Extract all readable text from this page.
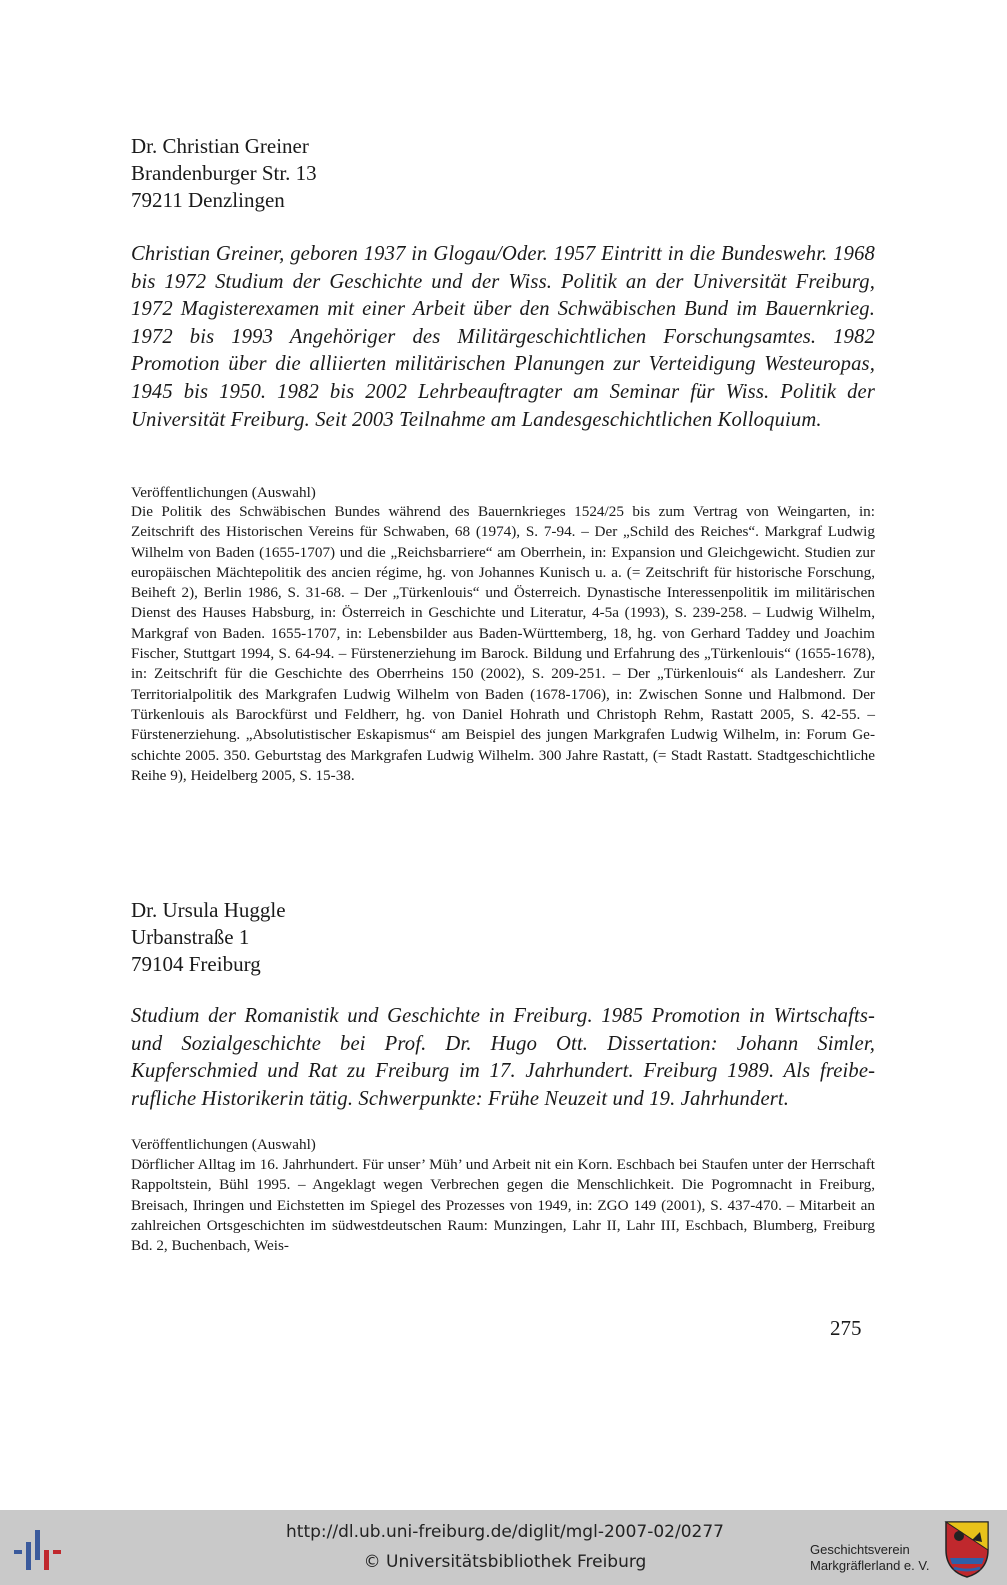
Dr. Christian Greiner
Brandenburger Str. 13
79211 Denzlingen
Christian Greiner, geboren 1937 in Glogau/Oder. 1957 Eintritt in die Bundeswehr. 1968 bis 1972 Studium der Geschichte und der Wiss. Politik an der Universität Freiburg, 1972 Magisterexamen mit einer Arbeit über den Schwäbischen Bund im Bauernkrieg. 1972 bis 1993 Angehöriger des Militärgeschichtlichen Forschungsamtes. 1982 Promotion über die alliierten militärischen Planungen zur Verteidigung Westeuropas, 1945 bis 1950. 1982 bis 2002 Lehrbeauftragter am Seminar für Wiss. Politik der Universität Freiburg. Seit 2003 Teilnahme am Landesgeschichtlichen Kolloquium.
Veröffentlichungen (Auswahl)
Die Politik des Schwäbischen Bundes während des Bauernkrieges 1524/25 bis zum Vertrag von Weingarten, in: Zeitschrift des Historischen Vereins für Schwaben, 68 (1974), S. 7-94. – Der „Schild des Reiches“. Markgraf Ludwig Wilhelm von Baden (1655-1707) und die „Reichsbarriere“ am Oberrhein, in: Expansion und Gleichgewicht. Studien zur europäischen Mächtepolitik des ancien régime, hg. von Johannes Kunisch u. a. (= Zeitschrift für historische Forschung, Beiheft 2), Berlin 1986, S. 31-68. – Der „Türkenlouis“ und Österreich. Dynastische Interessenpolitik im militärischen Dienst des Hauses Habsburg, in: Österreich in Geschichte und Literatur, 4-5a (1993), S. 239-258. – Ludwig Wilhelm, Markgraf von Baden. 1655-1707, in: Lebensbilder aus Baden-Württemberg, 18, hg. von Gerhard Taddey und Joachim Fischer, Stuttgart 1994, S. 64-94. – Fürstenerziehung im Barock. Bildung und Erfahrung des „Türkenlouis“ (1655-1678), in: Zeitschrift für die Geschichte des Oberrheins 150 (2002), S. 209-251. – Der „Türkenlouis“ als Landesherr. Zur Territorialpolitik des Markgrafen Ludwig Wilhelm von Baden (1678-1706), in: Zwischen Sonne und Halbmond. Der Türkenlouis als Barockfürst und Feldherr, hg. von Daniel Hohrath und Christoph Rehm, Rastatt 2005, S. 42-55. – Fürstenerziehung. „Absolutistischer Eskapismus“ am Beispiel des jungen Markgrafen Ludwig Wilhelm, in: Forum Geschichte 2005. 350. Geburtstag des Markgrafen Ludwig Wilhelm. 300 Jahre Rastatt, (= Stadt Rastatt. Stadtgeschichtliche Reihe 9), Heidelberg 2005, S. 15-38.
Dr. Ursula Huggle
Urbanstraße 1
79104 Freiburg
Studium der Romanistik und Geschichte in Freiburg. 1985 Promotion in Wirtschafts- und Sozialgeschichte bei Prof. Dr. Hugo Ott. Dissertation: Johann Simler, Kupferschmied und Rat zu Freiburg im 17. Jahrhundert. Freiburg 1989. Als freiberufliche Historikerin tätig. Schwerpunkte: Frühe Neuzeit und 19. Jahrhundert.
Veröffentlichungen (Auswahl)
Dörflicher Alltag im 16. Jahrhundert. Für unser’ Müh’ und Arbeit nit ein Korn. Eschbach bei Staufen unter der Herrschaft Rappoltstein, Bühl 1995. – Angeklagt wegen Verbrechen gegen die Menschlichkeit. Die Pogromnacht in Freiburg, Breisach, Ihringen und Eichstetten im Spiegel des Prozesses von 1949, in: ZGO 149 (2001), S. 437-470. – Mitarbeit an zahlreichen Ortsgeschichten im südwestdeutschen Raum: Munzingen, Lahr II, Lahr III, Eschbach, Blumberg, Freiburg Bd. 2, Buchenbach, Weis-
275
http://dl.ub.uni-freiburg.de/diglit/mgl-2007-02/0277
© Universitätsbibliothek Freiburg
Geschichtsverein
Markgräflerland e. V.
